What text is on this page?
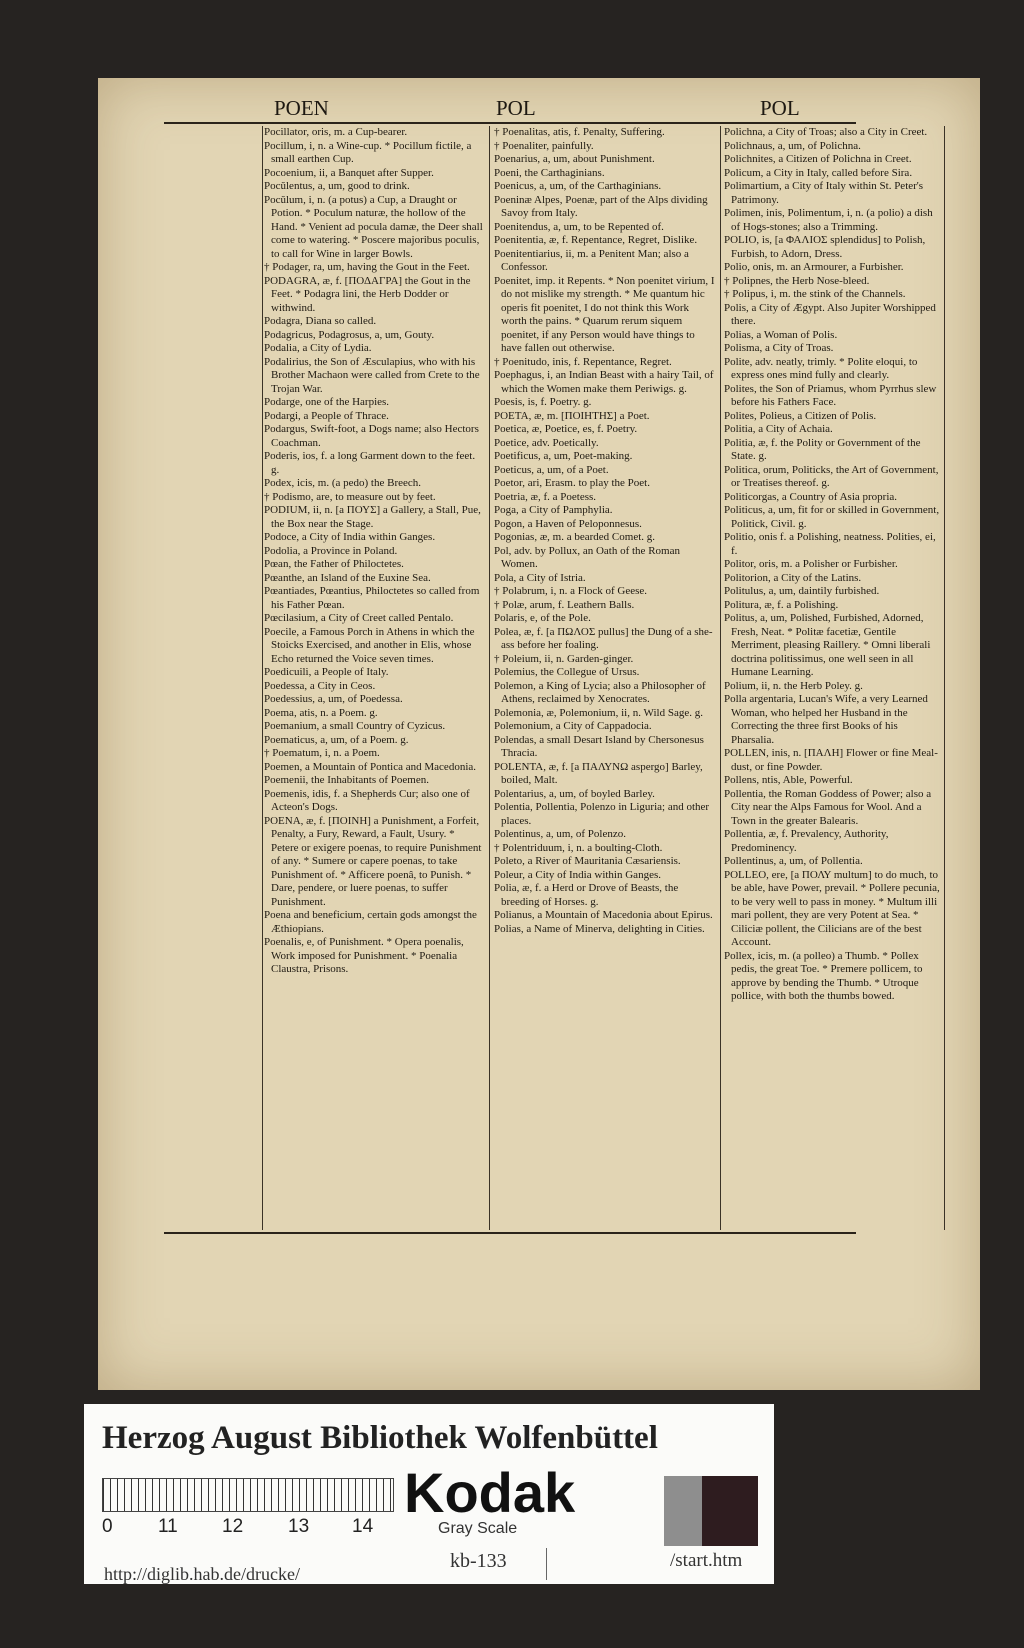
POEN	POL	POL

Pocillator, oris, m. a Cup-bearer.

Pocillum, i, n. a Wine-cup. * Pocillum fictile, a small earthen Cup.

Pocoenium, ii, a Banquet after Supper.

Pocŭlentus, a, um, good to drink.

Pocŭlum, i, n. (a potus) a Cup, a Draught or Potion. * Poculum naturæ, the hollow of the Hand. * Venient ad pocula damæ, the Deer shall come to watering. * Poscere majoribus poculis, to call for Wine in larger Bowls.

† Podager, ra, um, having the Gout in the Feet.

PODAGRA, æ, f. [ΠΟΔΑΓΡΑ] the Gout in the Feet. * Podagra lini, the Herb Dodder or withwind.

Podagra, Diana so called.

Podagricus, Podagrosus, a, um, Gouty.

Podalia, a City of Lydia.

Podalirius, the Son of Æsculapius, who with his Brother Machaon were called from Crete to the Trojan War.

Podarge, one of the Harpies.

Podargi, a People of Thrace.

Podargus, Swift-foot, a Dogs name; also Hectors Coachman.

Poderis, ios, f. a long Garment down to the feet. g.

Podex, icis, m. (a pedo) the Breech.

† Podismo, are, to measure out by feet.

PODIUM, ii, n. [a ΠΟΥΣ] a Gallery, a Stall, Pue, the Box near the Stage.

Podoce, a City of India within Ganges.

Podolia, a Province in Poland.

Pœan, the Father of Philoctetes.

Pœanthe, an Island of the Euxine Sea.

Pœantiades, Pœantius, Philoctetes so called from his Father Pœan.

Pœcilasium, a City of Creet called Pentalo.

Poecile, a Famous Porch in Athens in which the Stoicks Exercised, and another in Elis, whose Echo returned the Voice seven times.

Poedicuili, a People of Italy.

Poedessa, a City in Ceos.

Poedessius, a, um, of Poedessa.

Poema, atis, n. a Poem. g.

Poemanium, a small Country of Cyzicus.

Poematicus, a, um, of a Poem. g.

† Poematum, i, n. a Poem.

Poemen, a Mountain of Pontica and Macedonia.

Poemenii, the Inhabitants of Poemen.

Poemenis, idis, f. a Shepherds Cur; also one of Acteon's Dogs.

POENA, æ, f. [ΠΟΙΝΗ] a Punishment, a Forfeit, Penalty, a Fury, Reward, a Fault, Usury. * Petere or exigere poenas, to require Punishment of any. * Sumere or capere poenas, to take Punishment of. * Afficere poenâ, to Punish. * Dare, pendere, or luere poenas, to suffer Punishment.

Poena and beneficium, certain gods amongst the Æthiopians.

Poenalis, e, of Punishment. * Opera poenalis, Work imposed for Punishment. * Poenalia Claustra, Prisons.

† Poenalitas, atis, f. Penalty, Suffering.

† Poenaliter, painfully.

Poenarius, a, um, about Punishment.

Poeni, the Carthaginians.

Poenicus, a, um, of the Carthaginians.

Poeninæ Alpes, Poenæ, part of the Alps dividing Savoy from Italy.

Poenitendus, a, um, to be Repented of.

Poenitentia, æ, f. Repentance, Regret, Dislike.

Poenitentiarius, ii, m. a Penitent Man; also a Confessor.

Poenitet, imp. it Repents. * Non poenitet virium, I do not mislike my strength. * Me quantum hic operis fit poenitet, I do not think this Work worth the pains. * Quarum rerum siquem poenitet, if any Person would have things to have fallen out otherwise.

† Poenitudo, inis, f. Repentance, Regret.

Poephagus, i, an Indian Beast with a hairy Tail, of which the Women make them Periwigs. g.

Poesis, is, f. Poetry. g.

POETA, æ, m. [ΠΟΙΗΤΗΣ] a Poet.

Poetica, æ, Poetice, es, f. Poetry.

Poetice, adv. Poetically.

Poetificus, a, um, Poet-making.

Poeticus, a, um, of a Poet.

Poetor, ari, Erasm. to play the Poet.

Poetria, æ, f. a Poetess.

Poga, a City of Pamphylia.

Pogon, a Haven of Peloponnesus.

Pogonias, æ, m. a bearded Comet. g.

Pol, adv. by Pollux, an Oath of the Roman Women.

Pola, a City of Istria.

† Polabrum, i, n. a Flock of Geese.

† Polæ, arum, f. Leathern Balls.

Polaris, e, of the Pole.

Polea, æ, f. [a ΠΩΛΟΣ pullus] the Dung of a she-ass before her foaling.

† Poleium, ii, n. Garden-ginger.

Polemius, the Collegue of Ursus.

Polemon, a King of Lycia; also a Philosopher of Athens, reclaimed by Xenocrates.

Polemonia, æ, Polemonium, ii, n. Wild Sage. g.

Polemonium, a City of Cappadocia.

Polendas, a small Desart Island by Chersonesus Thracia.

POLENTA, æ, f. [a ΠΑΛΥΝΩ aspergo] Barley, boiled, Malt.

Polentarius, a, um, of boyled Barley.

Polentia, Pollentia, Polenzo in Liguria; and other places.

Polentinus, a, um, of Polenzo.

† Polentriduum, i, n. a boulting-Cloth.

Poleto, a River of Mauritania Cæsariensis.

Poleur, a City of India within Ganges.

Polia, æ, f. a Herd or Drove of Beasts, the breeding of Horses. g.

Polianus, a Mountain of Macedonia about Epirus.

Polias, a Name of Minerva, delighting in Cities.

Polichna, a City of Troas; also a City in Creet.

Polichnaus, a, um, of Polichna.

Polichnites, a Citizen of Polichna in Creet.

Policum, a City in Italy, called before Sira.

Polimartium, a City of Italy within St. Peter's Patrimony.

Polimen, inis, Polimentum, i, n. (a polio) a dish of Hogs-stones; also a Trimming.

POLIO, is, [a ΦΑΛΙΟΣ splendidus] to Polish, Furbish, to Adorn, Dress.

Polio, onis, m. an Armourer, a Furbisher.

† Polipnes, the Herb Nose-bleed.

† Polipus, i, m. the stink of the Channels.

Polis, a City of Ægypt. Also Jupiter Worshipped there.

Polias, a Woman of Polis.

Polisma, a City of Troas.

Polite, adv. neatly, trimly. * Polite eloqui, to express ones mind fully and clearly.

Polites, the Son of Priamus, whom Pyrrhus slew before his Fathers Face.

Polites, Polieus, a Citizen of Polis.

Politia, a City of Achaia.

Politia, æ, f. the Polity or Government of the State. g.

Politica, orum, Politicks, the Art of Government, or Treatises thereof. g.

Politicorgas, a Country of Asia propria.

Politicus, a, um, fit for or skilled in Government, Politick, Civil. g.

Politio, onis f. a Polishing, neatness. Polities, ei, f.

Politor, oris, m. a Polisher or Furbisher.

Politorion, a City of the Latins.

Politulus, a, um, daintily furbished.

Politura, æ, f. a Polishing.

Politus, a, um, Polished, Furbished, Adorned, Fresh, Neat. * Politæ facetiæ, Gentile Merriment, pleasing Raillery. * Omni liberali doctrina politissimus, one well seen in all Humane Learning.

Polium, ii, n. the Herb Poley. g.

Polla argentaria, Lucan's Wife, a very Learned Woman, who helped her Husband in the Correcting the three first Books of his Pharsalia.

POLLEN, inis, n. [ΠΑΛΗ] Flower or fine Meal-dust, or fine Powder.

Pollens, ntis, Able, Powerful.

Pollentia, the Roman Goddess of Power; also a City near the Alps Famous for Wool. And a Town in the greater Balearis.

Pollentia, æ, f. Prevalency, Authority, Predominency.

Pollentinus, a, um, of Pollentia.

POLLEO, ere, [a ΠΟΛΥ multum] to do much, to be able, have Power, prevail. * Pollere pecunia, to be very well to pass in money. * Multum illi mari pollent, they are very Potent at Sea. * Ciliciæ pollent, the Cilicians are of the best Account.

Pollex, icis, m. (a polleo) a Thumb. * Pollex pedis, the great Toe. * Premere pollicem, to approve by bending the Thumb. * Utroque pollice, with both the thumbs bowed.

Herzog August Bibliothek Wolfenbüttel
0 11 12 13 14
Kodak
Gray Scale
http://diglib.hab.de/drucke/
kb-133	/start.htm
